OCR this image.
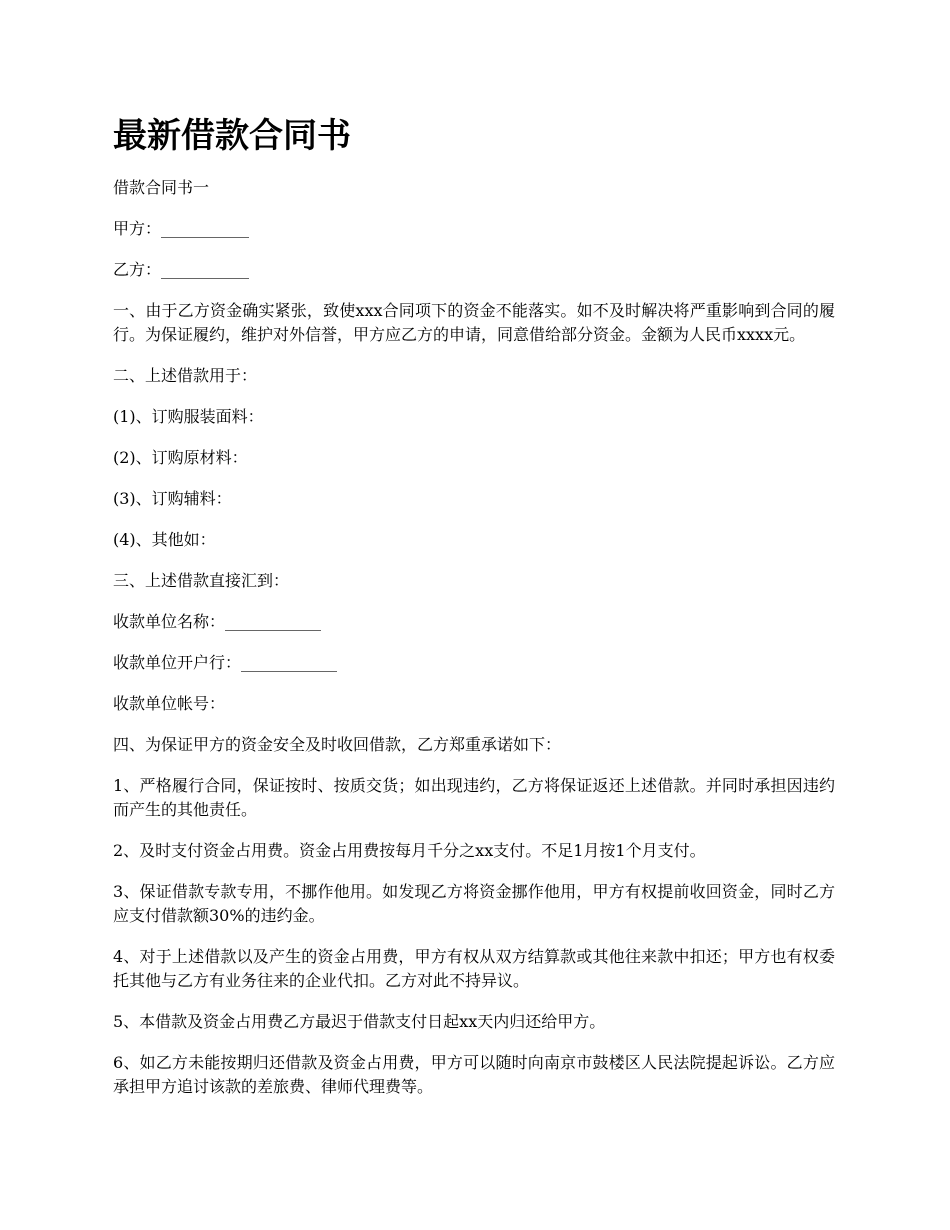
最新借款合同书

借款合同书一

甲方：___________

乙方：___________

一、由于乙方资金确实紧张，致使xxx合同项下的资金不能落实。如不及时解决将严重影响到合同的履行。为保证履约，维护对外信誉，甲方应乙方的申请，同意借给部分资金。金额为人民币xxxx元。

二、上述借款用于：

(1)、订购服装面料：

(2)、订购原材料：

(3)、订购辅料：

(4)、其他如：

三、上述借款直接汇到：

收款单位名称：____________

收款单位开户行：____________

收款单位帐号：

四、为保证甲方的资金安全及时收回借款，乙方郑重承诺如下：

1、严格履行合同，保证按时、按质交货；如出现违约，乙方将保证返还上述借款。并同时承担因违约而产生的其他责任。

2、及时支付资金占用费。资金占用费按每月千分之xx支付。不足1月按1个月支付。

3、保证借款专款专用，不挪作他用。如发现乙方将资金挪作他用，甲方有权提前收回资金，同时乙方应支付借款额30%的违约金。

4、对于上述借款以及产生的资金占用费，甲方有权从双方结算款或其他往来款中扣还；甲方也有权委托其他与乙方有业务往来的企业代扣。乙方对此不持异议。

5、本借款及资金占用费乙方最迟于借款支付日起xx天内归还给甲方。

6、如乙方未能按期归还借款及资金占用费，甲方可以随时向南京市鼓楼区人民法院提起诉讼。乙方应承担甲方追讨该款的差旅费、律师代理费等。
